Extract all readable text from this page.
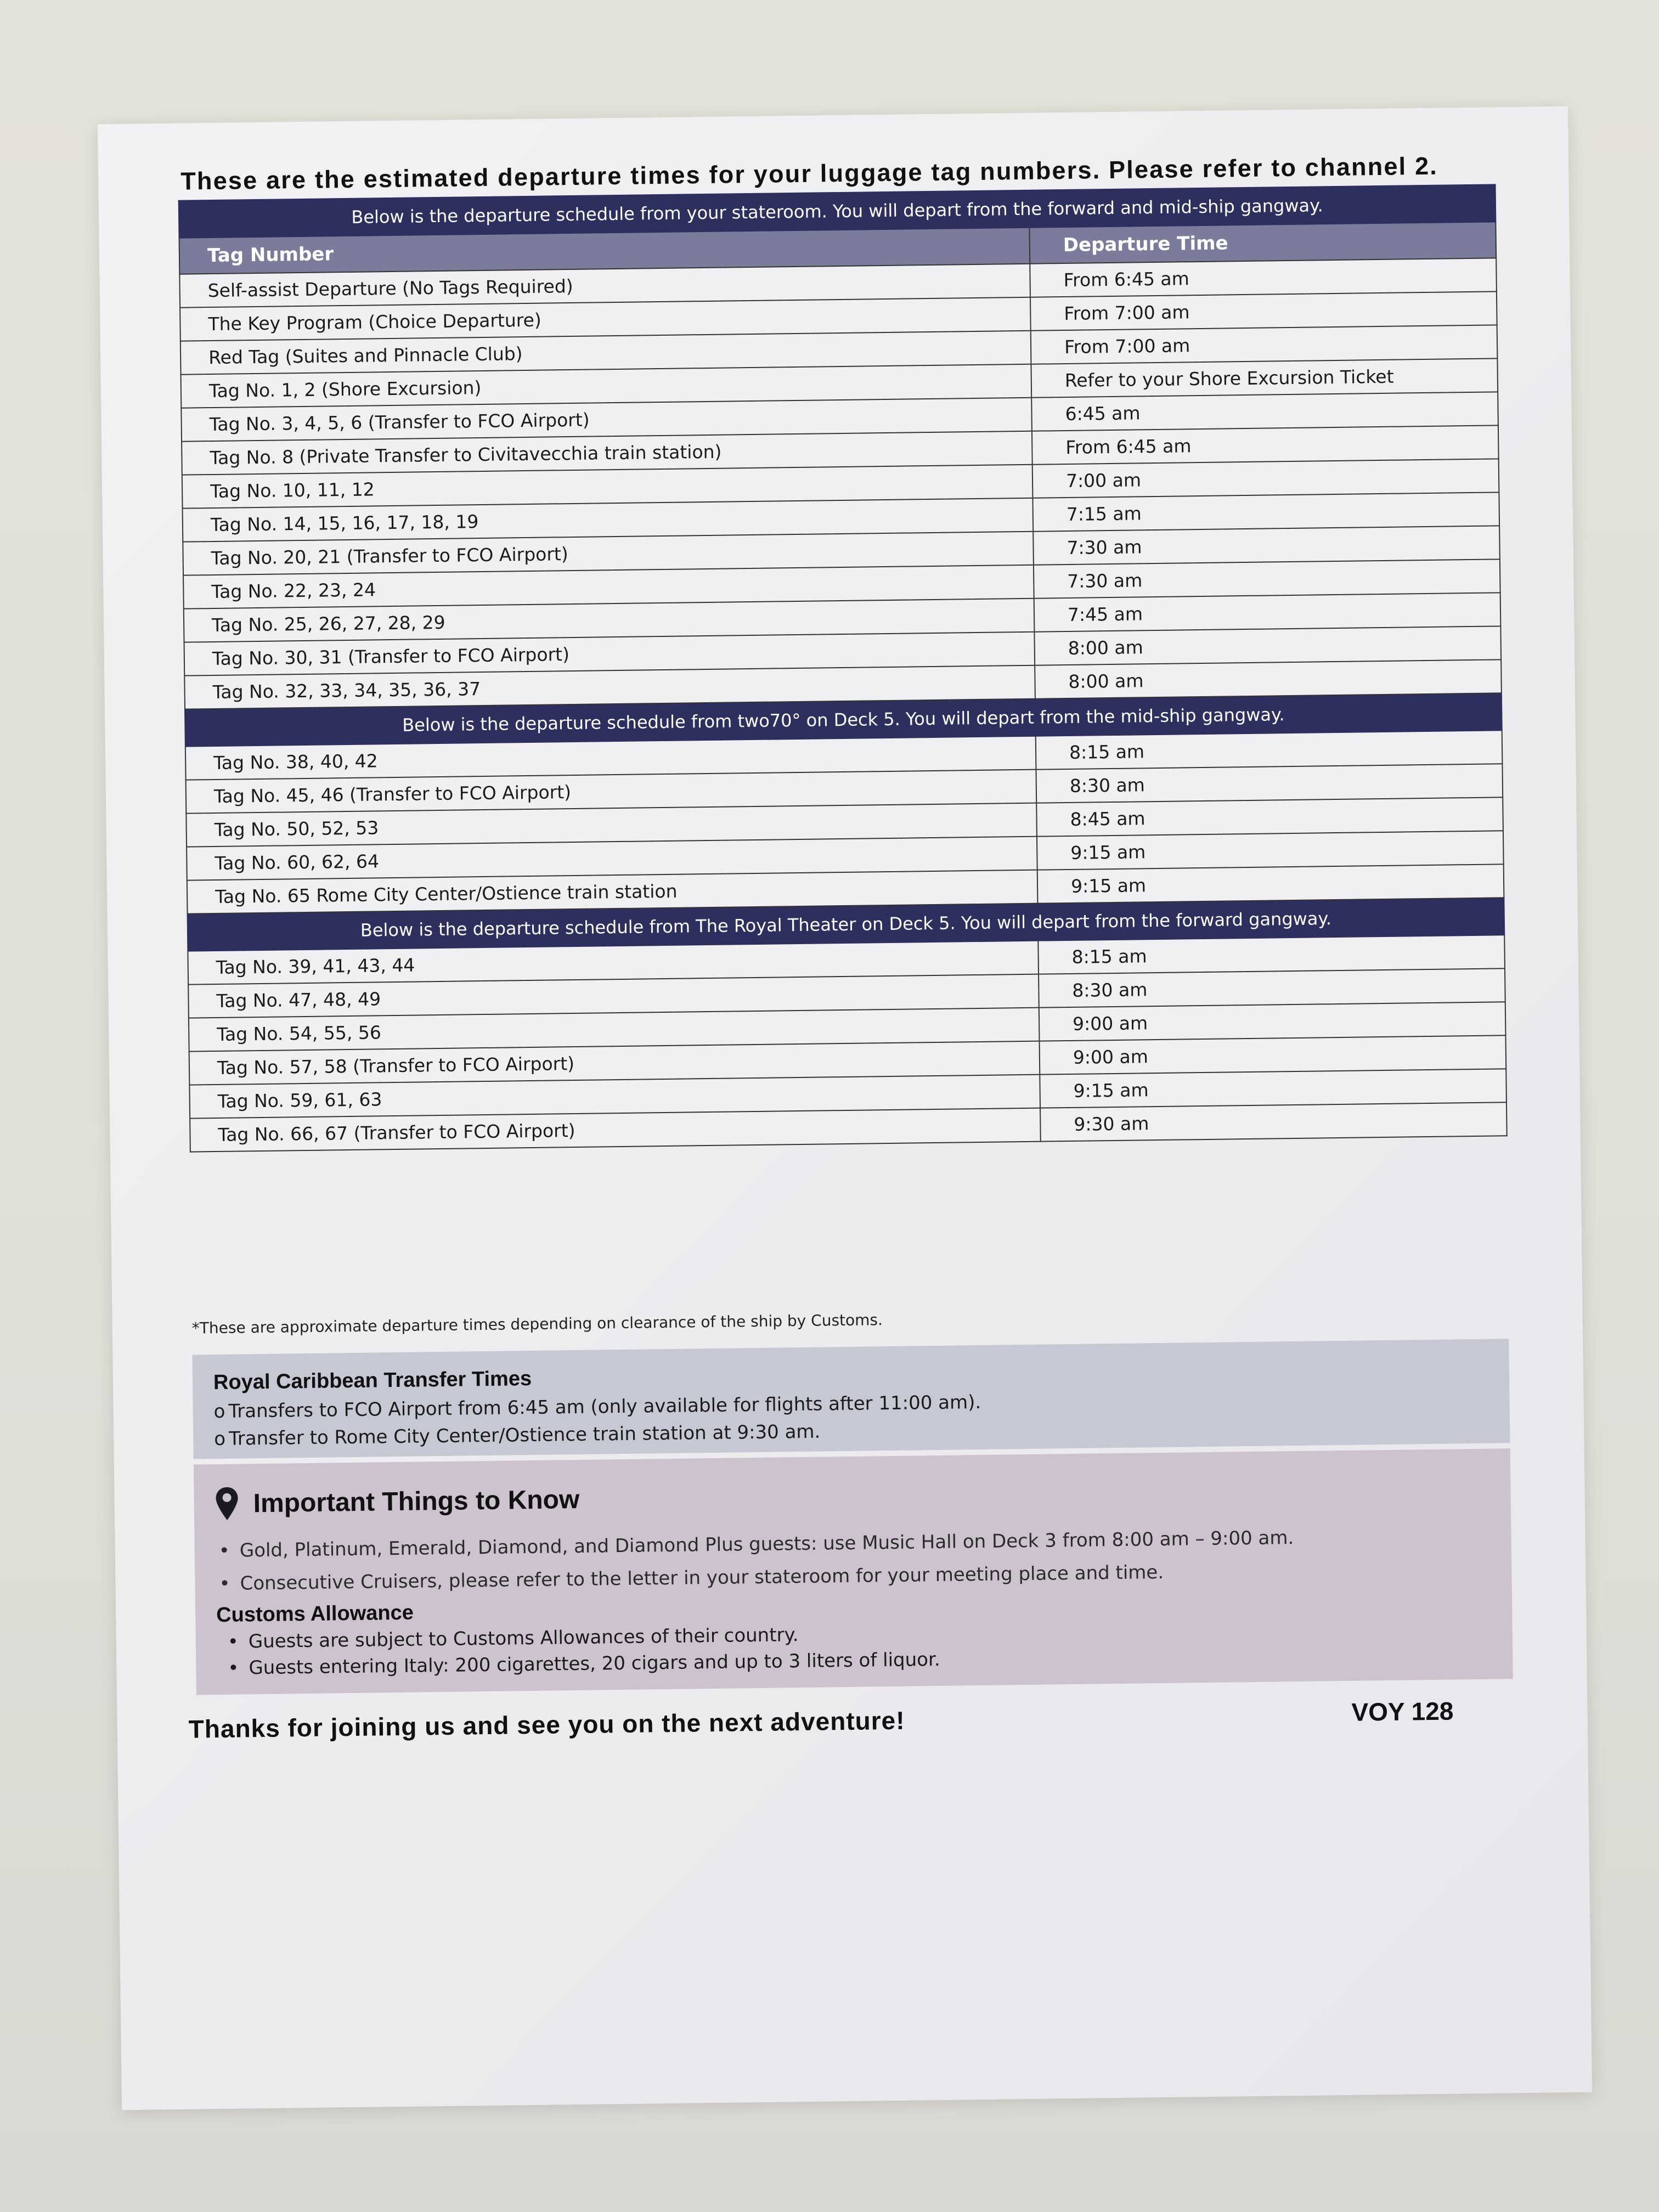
These are the estimated departure times for your luggage tag numbers. Please refer to channel 2.
Below is the departure schedule from your stateroom. You will depart from the forward and mid-ship gangway.	
Tag Number	Departure Time
Self-assist Departure (No Tags Required)	From 6:45 am
The Key Program (Choice Departure)	From 7:00 am
Red Tag (Suites and Pinnacle Club)	From 7:00 am
Tag No. 1, 2 (Shore Excursion)	Refer to your Shore Excursion Ticket
Tag No. 3, 4, 5, 6 (Transfer to FCO Airport)	6:45 am
Tag No. 8 (Private Transfer to Civitavecchia train station)	From 6:45 am
Tag No. 10, 11, 12	7:00 am
Tag No. 14, 15, 16, 17, 18, 19	7:15 am
Tag No. 20, 21 (Transfer to FCO Airport)	7:30 am
Tag No. 22, 23, 24	7:30 am
Tag No. 25, 26, 27, 28, 29	7:45 am
Tag No. 30, 31 (Transfer to FCO Airport)	8:00 am
Tag No. 32, 33, 34, 35, 36, 37	8:00 am
Below is the departure schedule from two70° on Deck 5. You will depart from the mid-ship gangway.	
Tag No. 38, 40, 42	8:15 am
Tag No. 45, 46 (Transfer to FCO Airport)	8:30 am
Tag No. 50, 52, 53	8:45 am
Tag No. 60, 62, 64	9:15 am
Tag No. 65 Rome City Center/Ostience train station	9:15 am
Below is the departure schedule from The Royal Theater on Deck 5. You will depart from the forward gangway.	
Tag No. 39, 41, 43, 44	8:15 am
Tag No. 47, 48, 49	8:30 am
Tag No. 54, 55, 56	9:00 am
Tag No. 57, 58 (Transfer to FCO Airport)	9:00 am
Tag No. 59, 61, 63	9:15 am
Tag No. 66, 67 (Transfer to FCO Airport)	9:30 am
*These are approximate departure times depending on clearance of the ship by Customs.
Royal Caribbean Transfer Times
o Transfers to FCO Airport from 6:45 am (only available for flights after 11:00 am).
o Transfer to Rome City Center/Ostience train station at 9:30 am.
Important Things to Know
• Gold, Platinum, Emerald, Diamond, and Diamond Plus guests: use Music Hall on Deck 3 from 8:00 am – 9:00 am.
• Consecutive Cruisers, please refer to the letter in your stateroom for your meeting place and time.
Customs Allowance
• Guests are subject to Customs Allowances of their country.
• Guests entering Italy: 200 cigarettes, 20 cigars and up to 3 liters of liquor.
Thanks for joining us and see you on the next adventure!	VOY 128
